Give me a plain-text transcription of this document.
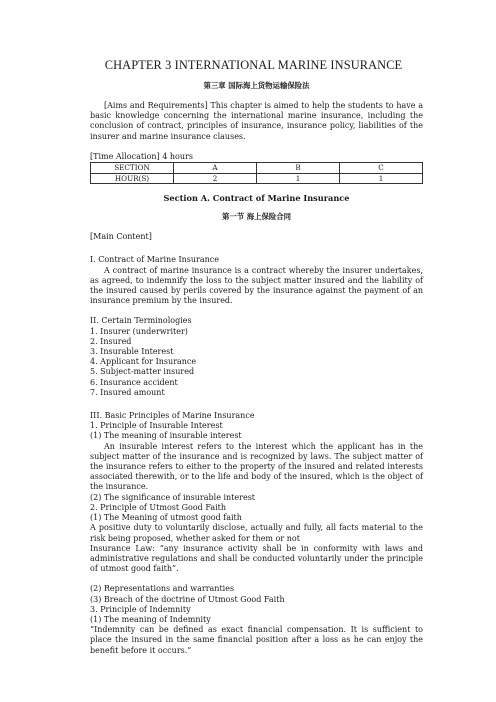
CHAPTER 3 INTERNATIONAL MARINE INSURANCE
第三章 国际海上货物运输保险法

[Aims and Requirements] This chapter is aimed to help the students to have a basic knowledge concerning the international marine insurance, including the conclusion of contract, principles of insurance, insurance policy, liabilities of the insurer and marine insurance clauses.

[Time Allocation] 4 hours

SECTION	A	B	C
HOUR(S)	2	1	1
Section A. Contract of Marine Insurance
第一节 海上保险合同

[Main Content]

I. Contract of Marine Insurance

A contract of marine insurance is a contract whereby the insurer undertakes, as agreed, to indemnify the loss to the subject matter insured and the liability of the insured caused by perils covered by the insurance against the payment of an insurance premium by the insured.

II. Certain Terminologies

1. Insurer (underwriter)
2. Insured
3. Insurable Interest
4. Applicant for Insurance
5. Subject-matter insured
6. Insurance accident
7. Insured amount

III. Basic Principles of Marine Insurance

1. Principle of Insurable Interest

(1) The meaning of insurable interest

An insurable interest refers to the interest which the applicant has in the subject matter of the insurance and is recognized by laws. The subject matter of the insurance refers to either to the property of the insured and related interests associated therewith, or to the life and body of the insured, which is the object of the insurance.

(2) The significance of insurable interest

2. Principle of Utmost Good Faith

(1) The Meaning of utmost good faith

A positive duty to voluntarily disclose, actually and fully, all facts material to the risk being proposed, whether asked for them or not

Insurance Law: “any insurance activity shall be in conformity with laws and administrative regulations and shall be conducted voluntarily under the principle of utmost good faith”.

(2) Representations and warranties

(3) Breach of the doctrine of Utmost Good Faith

3. Principle of Indemnity

(1) The meaning of Indemnity

“Indemnity can be defined as exact financial compensation. It is sufficient to place the insured in the same financial position after a loss as he can enjoy the benefit before it occurs.”
